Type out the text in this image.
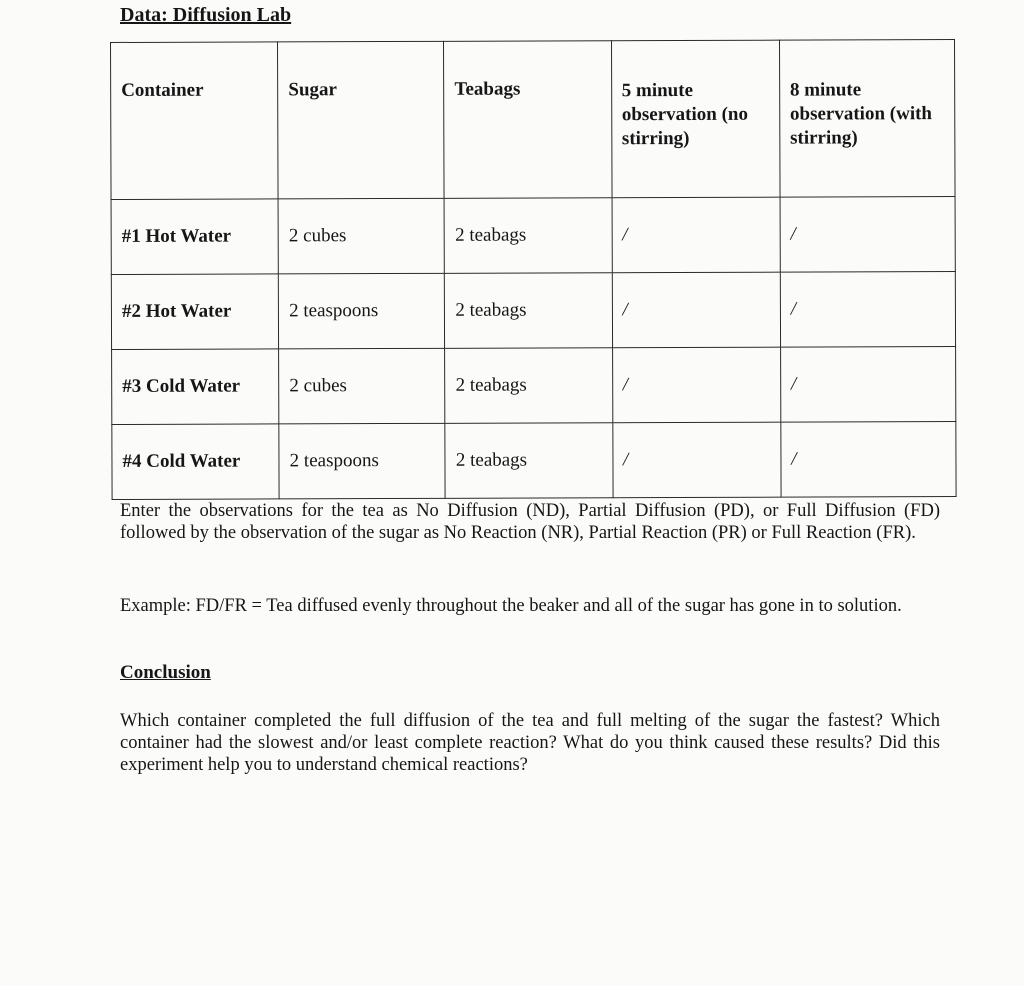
Data: Diffusion Lab
Container	Sugar	Teabags	5 minute observation (no stirring)	8 minute observation (with stirring)
#1 Hot Water	2 cubes	2 teabags	/	/
#2 Hot Water	2 teaspoons	2 teabags	/	/
#3 Cold Water	2 cubes	2 teabags	/	/
#4 Cold Water	2 teaspoons	2 teabags	/	/
Enter the observations for the tea as No Diffusion (ND), Partial Diffusion (PD), or Full Diffusion (FD) followed by the observation of the sugar as No Reaction (NR), Partial Reaction (PR) or Full Reaction (FR).
Example: FD/FR = Tea diffused evenly throughout the beaker and all of the sugar has gone in to solution.
Conclusion
Which container completed the full diffusion of the tea and full melting of the sugar the fastest? Which container had the slowest and/or least complete reaction? What do you think caused these results? Did this experiment help you to understand chemical reactions?
